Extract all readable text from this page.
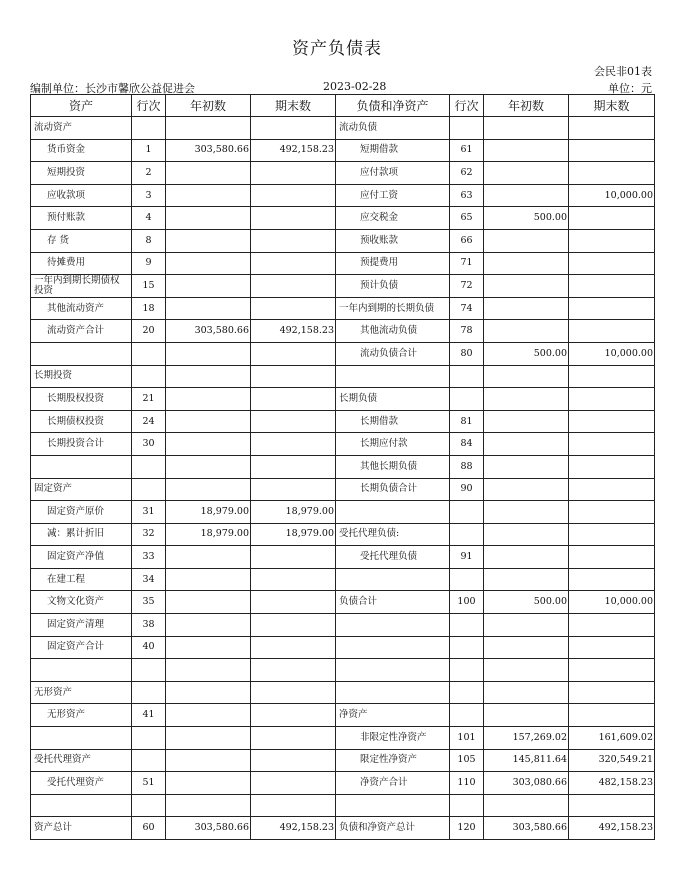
资产负债表
会民非01表
编制单位：长沙市馨欣公益促进会	2023-02-28	单位：元
资产	行次	年初数	期末数	负债和净资产	行次	年初数	期末数
流动资产				流动负债			
货币资金	1	303,580.66	492,158.23	短期借款	61		
短期投资	2			应付款项	62		
应收款项	3			应付工资	63		10,000.00
预付账款	4			应交税金	65	500.00	
存 货	8			预收账款	66		
待摊费用	9			预提费用	71		
一年内到期长期债权投资	15			预计负债	72		
其他流动资产	18			一年内到期的长期负债	74		
流动资产合计	20	303,580.66	492,158.23	其他流动负债	78		
				流动负债合计	80	500.00	10,000.00
长期投资							
长期股权投资	21			长期负债			
长期债权投资	24			长期借款	81		
长期投资合计	30			长期应付款	84		
				其他长期负债	88		
固定资产				长期负债合计	90		
固定资产原价	31	18,979.00	18,979.00				
减：累计折旧	32	18,979.00	18,979.00	受托代理负债:			
固定资产净值	33			受托代理负债	91		
在建工程	34						
文物文化资产	35			负债合计	100	500.00	10,000.00
固定资产清理	38						
固定资产合计	40						

无形资产							
无形资产	41			净资产			
				非限定性净资产	101	157,269.02	161,609.02
受托代理资产				限定性净资产	105	145,811.64	320,549.21
受托代理资产	51			净资产合计	110	303,080.66	482,158.23

资产总计	60	303,580.66	492,158.23	负债和净资产总计	120	303,580.66	492,158.23
